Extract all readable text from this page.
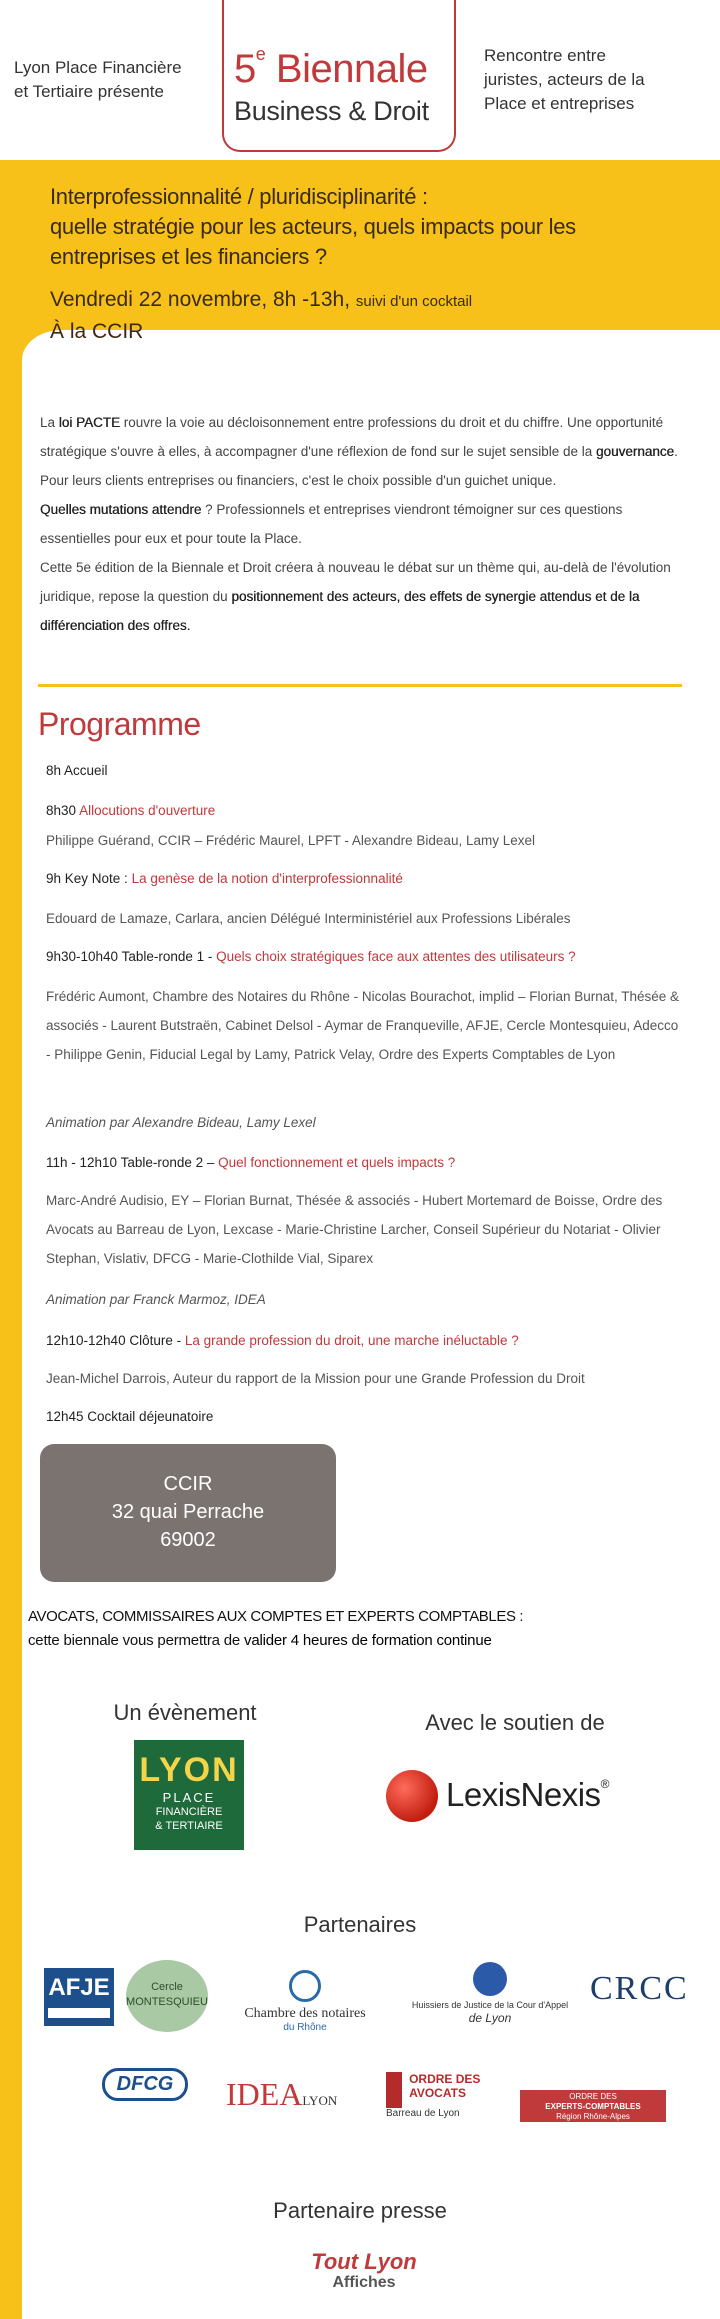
Lyon Place Financière
et Tertiaire présente
5e Biennale
Business & Droit
Rencontre entre
juristes, acteurs de la
Place et entreprises
Interprofessionnalité / pluridisciplinarité :
quelle stratégie pour les acteurs, quels impacts pour les
entreprises et les financiers ?
Vendredi 22 novembre, 8h -13h, suivi d'un cocktail
À la CCIR
La loi PACTE rouvre la voie au décloisonnement entre professions du droit et du chiffre. Une opportunité stratégique s'ouvre à elles, à accompagner d'une réflexion de fond sur le sujet sensible de la gouvernance. Pour leurs clients entreprises ou financiers, c'est le choix possible d'un guichet unique.
Quelles mutations attendre ? Professionnels et entreprises viendront témoigner sur ces questions essentielles pour eux et pour toute la Place.
Cette 5e édition de la Biennale et Droit créera à nouveau le débat sur un thème qui, au-delà de l'évolution juridique, repose la question du positionnement des acteurs, des effets de synergie attendus et de la différenciation des offres.
Programme
8h Accueil
8h30 Allocutions d'ouverture
Philippe Guérand, CCIR – Frédéric Maurel, LPFT - Alexandre Bideau, Lamy Lexel
9h Key Note : La genèse de la notion d'interprofessionnalité
Edouard de Lamaze, Carlara, ancien Délégué Interministériel aux Professions Libérales
9h30-10h40 Table-ronde 1 - Quels choix stratégiques face aux attentes des utilisateurs ?
Frédéric Aumont, Chambre des Notaires du Rhône - Nicolas Bourachot, implid – Florian Burnat, Thésée & associés - Laurent Butstraën, Cabinet Delsol - Aymar de Franqueville, AFJE, Cercle Montesquieu, Adecco - Philippe Genin, Fiducial Legal by Lamy, Patrick Velay, Ordre des Experts Comptables de Lyon
Animation par Alexandre Bideau, Lamy Lexel
11h - 12h10 Table-ronde 2 – Quel fonctionnement et quels impacts ?
Marc-André Audisio, EY – Florian Burnat, Thésée & associés - Hubert Mortemard de Boisse, Ordre des Avocats au Barreau de Lyon, Lexcase - Marie-Christine Larcher, Conseil Supérieur du Notariat - Olivier Stephan, Vislativ, DFCG - Marie-Clothilde Vial, Siparex
Animation par Franck Marmoz, IDEA
12h10-12h40 Clôture - La grande profession du droit, une marche inéluctable ?
Jean-Michel Darrois, Auteur du rapport de la Mission pour une Grande Profession du Droit
12h45 Cocktail déjeunatoire
CCIR
32 quai Perrache
69002
AVOCATS, COMMISSAIRES AUX COMPTES ET EXPERTS COMPTABLES :
cette biennale vous permettra de valider 4 heures de formation continue
Un évènement
LYON
PLACE
FINANCIÈRE
& TERTIAIRE
Avec le soutien de
LexisNexis®
Partenaires
AFJE	Cercle
MONTESQUIEU
Chambre des notaires
du Rhône
Huissiers de Justice de la Cour d'Appel
de Lyon
CRCC
DFCG	IDEALYON

ORDRE DES
AVOCATS
Barreau de Lyon
ORDRE DES
EXPERTS-COMPTABLES
Région Rhône-Alpes
Partenaire presse
Tout Lyon
Affiches
